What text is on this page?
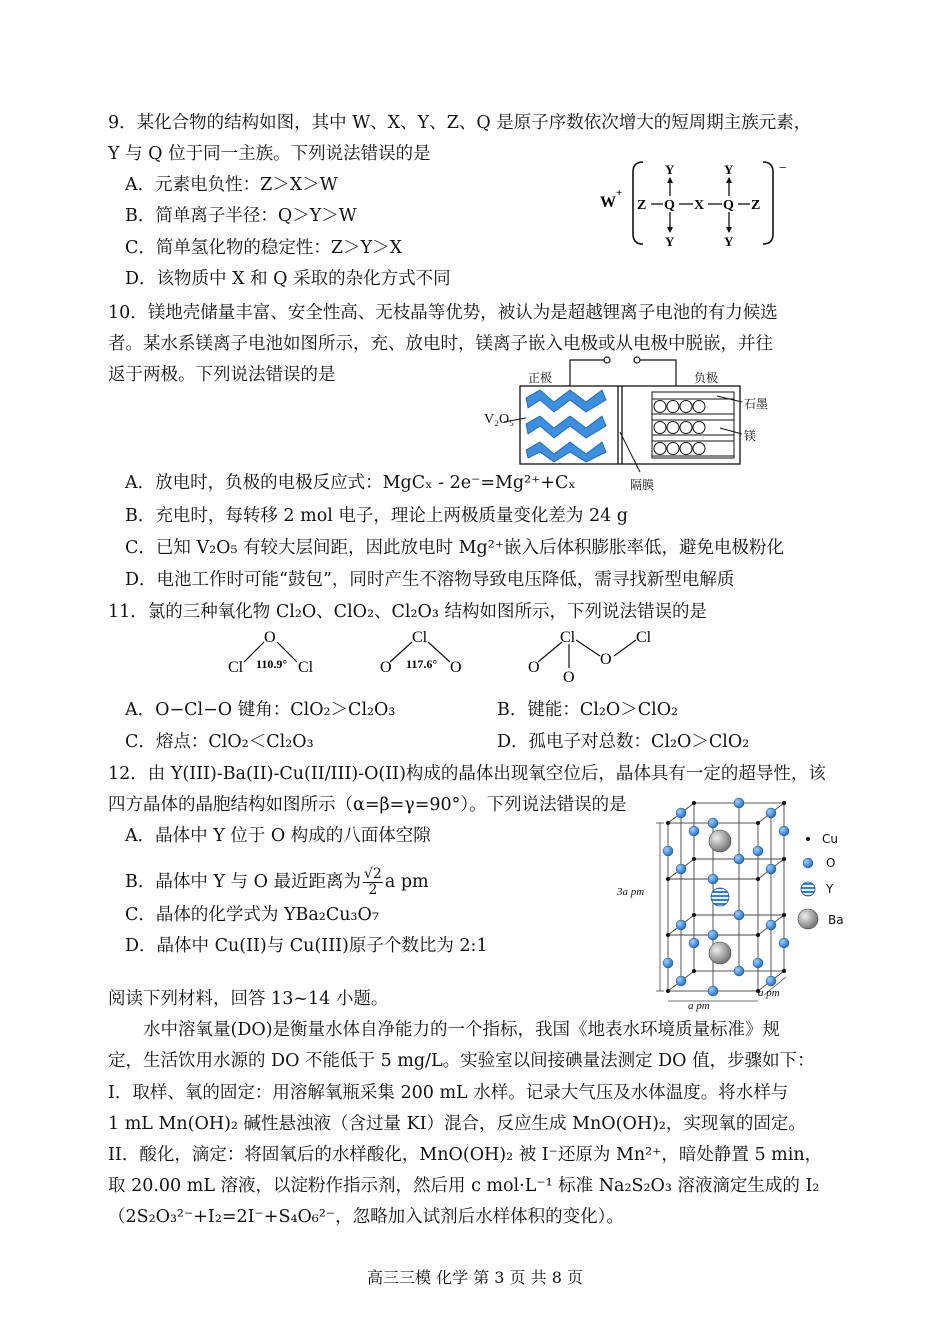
9．某化合物的结构如图，其中 W、X、Y、Z、Q 是原子序数依次增大的短周期主族元素，
Y 与 Q 位于同一主族。下列说法错误的是
A．元素电负性：Z＞X＞W
B．简单离子半径：Q＞Y＞W
C．简单氢化物的稳定性：Z＞Y＞X
D．该物质中 X 和 Q 采取的杂化方式不同
W
+
−
Y	Y
Y	Y
Z Q X Q Z
10．镁地壳储量丰富、安全性高、无枝晶等优势，被认为是超越锂离子电池的有力候选
者。某水系镁离子电池如图所示，充、放电时，镁离子嵌入电极或从电极中脱嵌，并往
返于两极。下列说法错误的是	正极	负极
石墨
镁
隔膜
V₂O₅
A．放电时，负极的电极反应式：MgCₓ - 2e⁻=Mg²⁺+Cₓ
B．充电时，每转移 2 mol 电子，理论上两极质量变化差为 24 g
C．已知 V₂O₅ 有较大层间距，因此放电时 Mg²⁺嵌入后体积膨胀率低，避免电极粉化
D．电池工作时可能“鼓包”，同时产生不溶物导致电压降低，需寻找新型电解质
11．氯的三种氧化物 Cl₂O、ClO₂、Cl₂O₃ 结构如图所示，下列说法错误的是
O
Cl	Cl
110.9°
Cl
O	O
117.6°
Cl
O
O
O
Cl
A．O−Cl−O 键角：ClO₂＞Cl₂O₃	B．键能：Cl₂O＞ClO₂
C．熔点：ClO₂＜Cl₂O₃	D．孤电子对总数：Cl₂O＞ClO₂
12．由 Y(III)-Ba(II)-Cu(II/III)-O(II)构成的晶体出现氧空位后，晶体具有一定的超导性，该
四方晶体的晶胞结构如图所示（α=β=γ=90°）。下列说法错误的是
A．晶体中 Y 位于 O 构成的八面体空隙
B．晶体中 Y 与 O 最近距离为 $\frac{√2}{2}$ a pm
C．晶体的化学式为 YBa₂Cu₃O₇
D．晶体中 Cu(II)与 Cu(III)原子个数比为 2:1
Cu
O
Y
Ba
3a pm
a pm
a pm
阅读下列材料，回答 13~14 小题。
水中溶氧量(DO)是衡量水体自净能力的一个指标，我国《地表水环境质量标准》规
定，生活饮用水源的 DO 不能低于 5 mg/L。实验室以间接碘量法测定 DO 值，步骤如下：
I．取样、氧的固定：用溶解氧瓶采集 200 mL 水样。记录大气压及水体温度。将水样与
1 mL Mn(OH)₂ 碱性悬浊液（含过量 KI）混合，反应生成 MnO(OH)₂，实现氧的固定。
II．酸化，滴定：将固氧后的水样酸化，MnO(OH)₂ 被 I⁻还原为 Mn²⁺，暗处静置 5 min，
取 20.00 mL 溶液，以淀粉作指示剂，然后用 c mol·L⁻¹ 标准 Na₂S₂O₃ 溶液滴定生成的 I₂
（2S₂O₃²⁻+I₂=2I⁻+S₄O₆²⁻，忽略加入试剂后水样体积的变化）。
高三三模 化学 第 3 页 共 8 页
